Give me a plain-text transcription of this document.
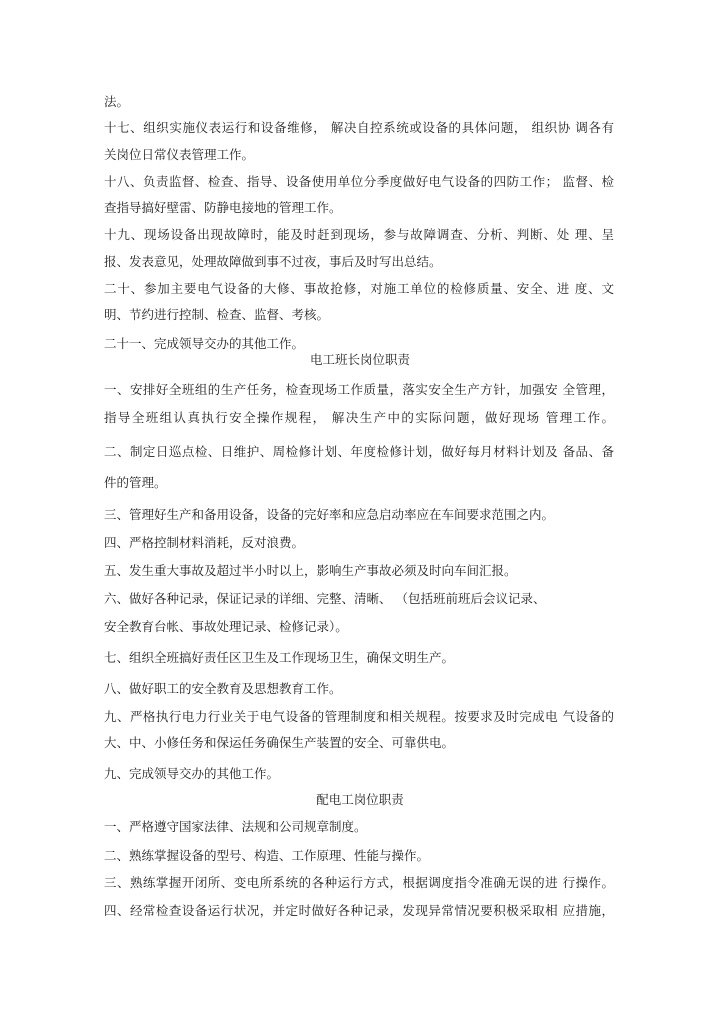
法。
十七、组织实施仪表运行和设备维修， 解决自控系统或设备的具体问题， 组织协 调各有
关岗位日常仪表管理工作。
十八、负责监督、检查、指导、设备使用单位分季度做好电气设备的四防工作； 监督、检
查指导搞好壁雷、防静电接地的管理工作。
十九、现场设备出现故障时，能及时赶到现场，参与故障调查、分析、判断、处 理、呈
报、发表意见，处理故障做到事不过夜，事后及时写出总结。
二十、参加主要电气设备的大修、事故抢修，对施工单位的检修质量、安全、进 度、文
明、节约进行控制、检查、监督、考核。
二十一、完成领导交办的其他工作。
电工班长岗位职责
一、安排好全班组的生产任务，检查现场工作质量，落实安全生产方针，加强安 全管理，
指导全班组认真执行安全操作规程， 解决生产中的实际问题，做好现场 管理工作。
二、制定日巡点检、日维护、周检修计划、年度检修计划，做好每月材料计划及 备品、备
件的管理。
三、管理好生产和备用设备，设备的完好率和应急启动率应在车间要求范围之内。
四、严格控制材料消耗，反对浪费。
五、发生重大事故及超过半小时以上，影响生产事故必须及时向车间汇报。
六、做好各种记录，保证记录的详细、完整、清晰、 （包括班前班后会议记录、
安全教育台帐、事故处理记录、检修记录）。
七、组织全班搞好责任区卫生及工作现场卫生，确保文明生产。
八、做好职工的安全教育及思想教育工作。
九、严格执行电力行业关于电气设备的管理制度和相关规程。按要求及时完成电 气设备的
大、中、小修任务和保运任务确保生产装置的安全、可靠供电。
九、完成领导交办的其他工作。
配电工岗位职责
一、严格遵守国家法律、法规和公司规章制度。
二、熟练掌握设备的型号、构造、工作原理、性能与操作。
三、熟练掌握开闭所、变电所系统的各种运行方式，根据调度指令准确无误的进 行操作。
四、经常检查设备运行状况，并定时做好各种记录，发现异常情况要积极采取相 应措施，
